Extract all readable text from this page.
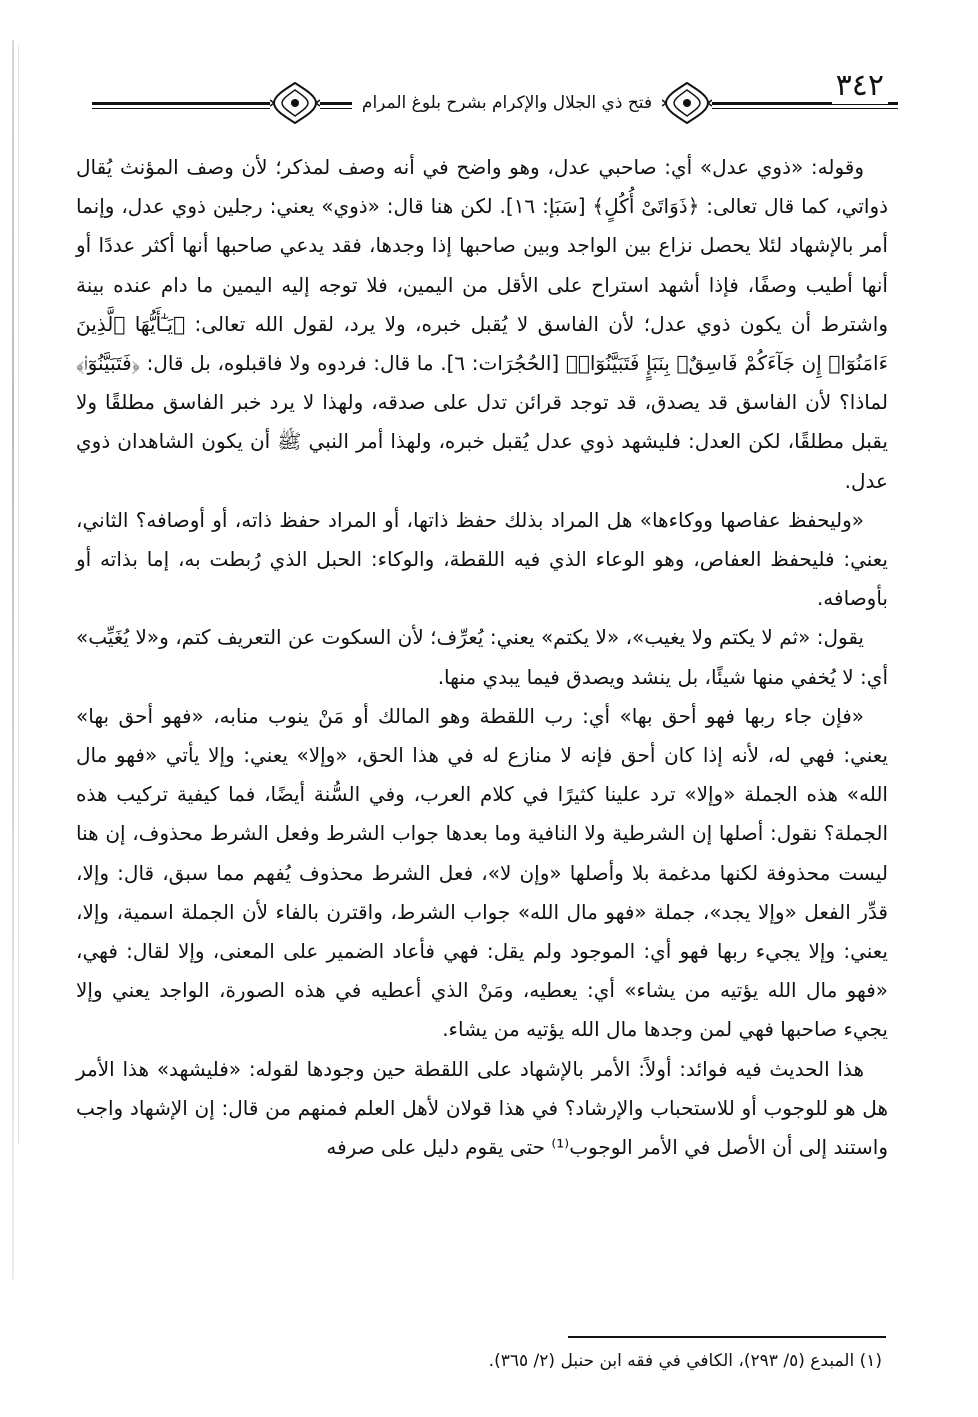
فتح ذي الجلال والإكرام بشرح بلوغ المرام	٣٤٢

وقوله: «ذوي عدل» أي: صاحبي عدل، وهو واضح في أنه وصف لمذكر؛ لأن وصف المؤنث يُقال ذواتي، كما قال تعالى: ﴿ذَوَاتَىْ أُكُلٍ﴾ [سَبَإ: ١٦]. لكن هنا قال: «ذوي» يعني: رجلين ذوي عدل، وإنما أمر بالإشهاد لئلا يحصل نزاع بين الواجد وبين صاحبها إذا وجدها، فقد يدعي صاحبها أنها أكثر عددًا أو أنها أطيب وصفًا، فإذا أشهد استراح على الأقل من اليمين، فلا توجه إليه اليمين ما دام عنده بينة واشترط أن يكون ذوي عدل؛ لأن الفاسق لا يُقبل خبره، ولا يرد، لقول الله تعالى: ﴿يَـٰٓأَيُّهَا ٱلَّذِينَ ءَامَنُوٓا۟ إِن جَآءَكُمْ فَاسِقٌۢ بِنَبَإٍ فَتَبَيَّنُوٓا۟﴾ [الحُجُرَات: ٦]. ما قال: فردوه ولا فاقبلوه، بل قال: ﴿فَتَبَيَّنُوٓا۟﴾ لماذا؟ لأن الفاسق قد يصدق، قد توجد قرائن تدل على صدقه، ولهذا لا يرد خبر الفاسق مطلقًا ولا يقبل مطلقًا، لكن العدل: فليشهد ذوي عدل يُقبل خبره، ولهذا أمر النبي ﷺ أن يكون الشاهدان ذوي عدل.

«وليحفظ عفاصها ووكاءها» هل المراد بذلك حفظ ذاتها، أو المراد حفظ ذاته، أو أوصافه؟ الثاني، يعني: فليحفظ العفاص، وهو الوعاء الذي فيه اللقطة، والوكاء: الحبل الذي رُبطت به، إما بذاته أو بأوصافه.

يقول: «ثم لا يكتم ولا يغيب»، «لا يكتم» يعني: يُعرِّف؛ لأن السكوت عن التعريف كتم، و«لا يُغَيِّب» أي: لا يُخفي منها شيئًا، بل ينشد ويصدق فيما يبدي منها.

«فإن جاء ربها فهو أحق بها» أي: رب اللقطة وهو المالك أو مَنْ ينوب منابه، «فهو أحق بها» يعني: فهي له، لأنه إذا كان أحق فإنه لا منازع له في هذا الحق، «وإلا» يعني: وإلا يأتي «فهو مال الله» هذه الجملة «وإلا» ترد علينا كثيرًا في كلام العرب، وفي السُّنة أيضًا، فما كيفية تركيب هذه الجملة؟ نقول: أصلها إن الشرطية ولا النافية وما بعدها جواب الشرط وفعل الشرط محذوف، إن هنا ليست محذوفة لكنها مدغمة بلا وأصلها «وإن لا»، فعل الشرط محذوف يُفهم مما سبق، قال: وإلا، قدِّر الفعل «وإلا يجد»، جملة «فهو مال الله» جواب الشرط، واقترن بالفاء لأن الجملة اسمية، وإلا، يعني: وإلا يجيء ربها فهو أي: الموجود ولم يقل: فهي فأعاد الضمير على المعنى، وإلا لقال: فهي، «فهو مال الله يؤتيه من يشاء» أي: يعطيه، ومَنْ الذي أعطيه في هذه الصورة، الواجد يعني وإلا يجيء صاحبها فهي لمن وجدها مال الله يؤتيه من يشاء.

هذا الحديث فيه فوائد: أولاً: الأمر بالإشهاد على اللقطة حين وجودها لقوله: «فليشهد» هذا الأمر هل هو للوجوب أو للاستحباب والإرشاد؟ في هذا قولان لأهل العلم فمنهم من قال: إن الإشهاد واجب واستند إلى أن الأصل في الأمر الوجوب⁽¹⁾ حتى يقوم دليل على صرفه

(١) المبدع (٥/ ٢٩٣)، الكافي في فقه ابن حنبل (٢/ ٣٦٥).
